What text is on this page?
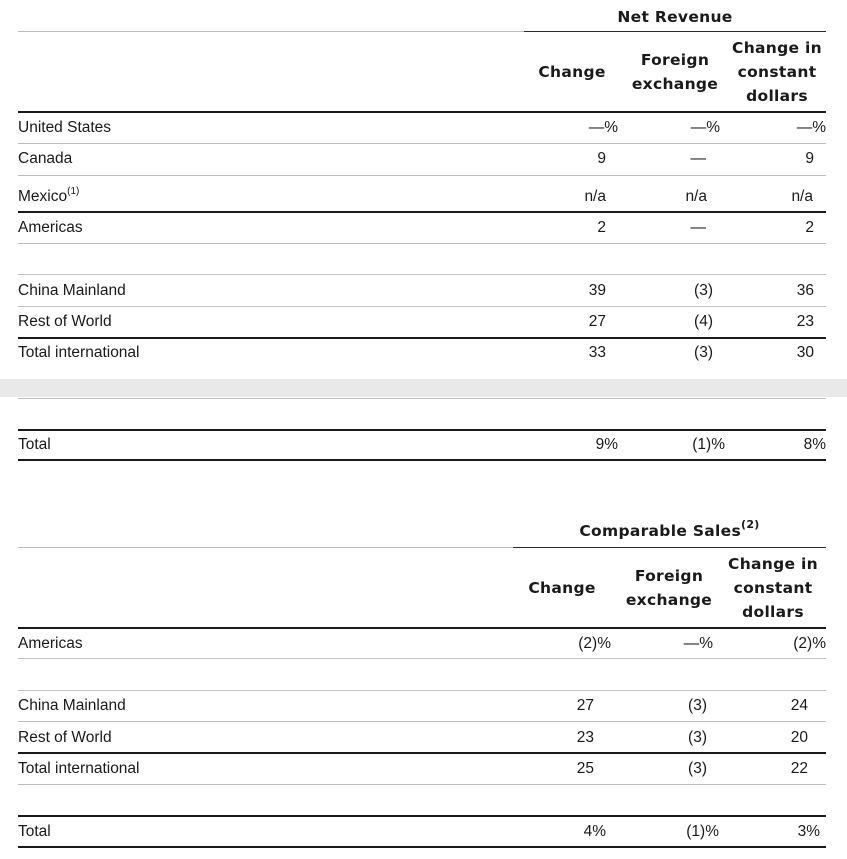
Net Revenue
Change
Foreign
exchange
Change in
constant
dollars
United States	—%	—%	—%
Canada	9	—	9
Mexico$^{(1)}$	n/a	n/a	n/a
Americas	2	—	2
China Mainland	39	(3)	36
Rest of World	27	(4)	23
Total international	33	(3)	30
Total	9%	(1)%	8%
Comparable Sales$^{(2)}$
Change
Foreign
exchange
Change in
constant
dollars
Americas	(2)%	—%	(2)%
China Mainland	27	(3)	24
Rest of World	23	(3)	20
Total international	25	(3)	22
Total	4%	(1)%	3%
